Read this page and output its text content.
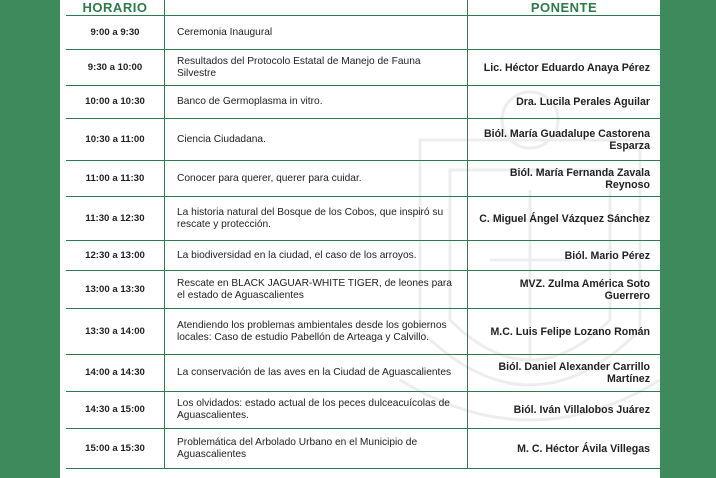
HORARIO		PONENTE
9:00 a 9:30	Ceremonia Inaugural	
9:30 a 10:00	Resultados del Protocolo Estatal de Manejo de Fauna Silvestre	Lic. Héctor Eduardo Anaya Pérez
10:00 a 10:30	Banco de Germoplasma in vitro.	Dra. Lucila Perales Aguilar
10:30 a 11:00	Ciencia Ciudadana.	Biól. María Guadalupe Castorena Esparza
11:00 a 11:30	Conocer para querer, querer para cuidar.	Biól. María Fernanda Zavala Reynoso
11:30 a 12:30	La historia natural del Bosque de los Cobos, que inspiró su rescate y protección.	C. Miguel Ángel Vázquez Sánchez
12:30 a 13:00	La biodiversidad en la ciudad, el caso de los arroyos.	Biól. Mario Pérez
13:00 a 13:30	Rescate en BLACK JAGUAR-WHITE TIGER, de leones para el estado de Aguascalientes	MVZ. Zulma América Soto Guerrero
13:30 a 14:00	Atendiendo los problemas ambientales desde los gobiernos locales: Caso de estudio Pabellón de Arteaga y Calvillo.	M.C. Luis Felipe Lozano Román
14:00 a 14:30	La conservación de las aves en la Ciudad de Aguascalientes	Biól. Daniel Alexander Carrillo Martínez
14:30 a 15:00	Los olvidados: estado actual de los peces dulceacuícolas de Aguascalientes.	Biól. Iván Villalobos Juárez
15:00 a 15:30	Problemática del Arbolado Urbano en el Municipio de Aguascalientes	M. C. Héctor Ávila Villegas
